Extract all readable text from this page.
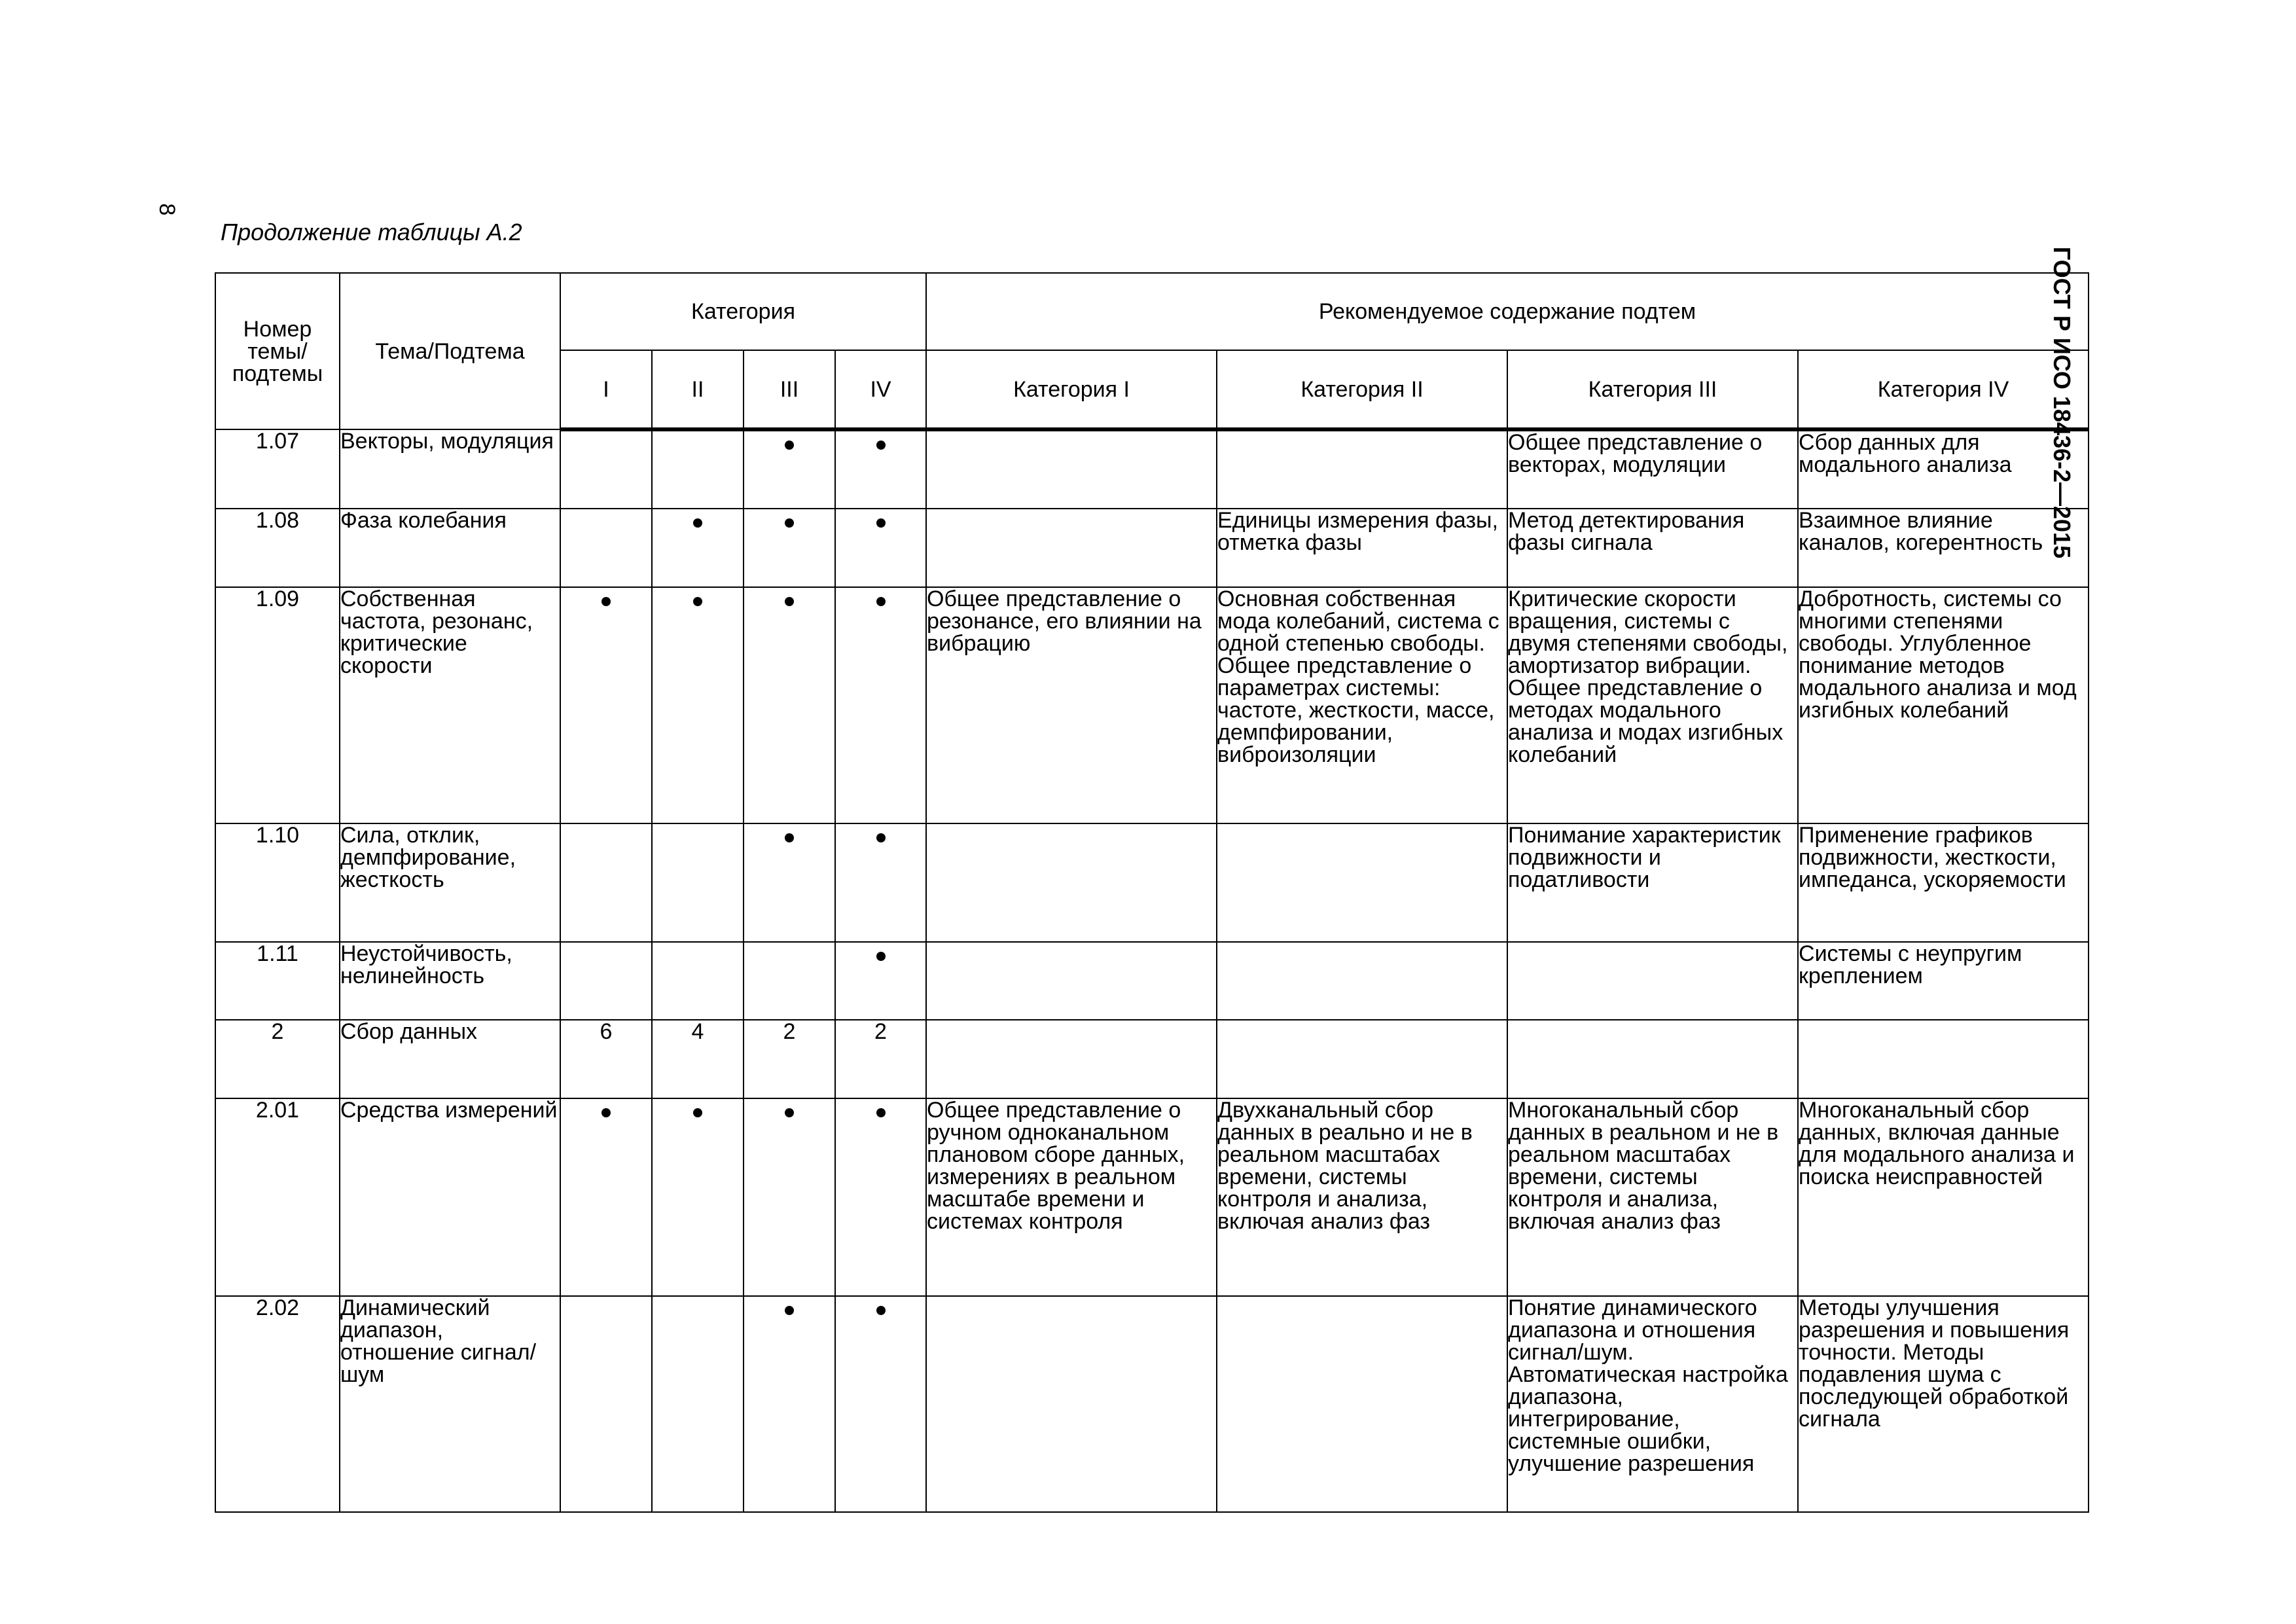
8
ГОСТ Р ИСО 18436-2—2015
Продолжение таблицы А.2
Номер темы/ подтемы	Тема/Подтема	Категория				Рекомендуемое содержание подтем			
		I	II	III	IV	Категория I	Категория II	Категория III	Категория IV
1.07	Векторы, модуляция							Общее представление о векторах, модуляции	Сбор данных для модального анализа
1.08	Фаза колебания						Единицы измерения фазы, отметка фазы	Метод детектирования фазы сигнала	Взаимное влияние каналов, когерентность
1.09	Собственная частота, резонанс, критические скорости					Общее представление о резонансе, его влиянии на вибрацию	Основная собственная мода колебаний, система с одной степенью свободы. Общее представление о параметрах системы: частоте, жесткости, массе, демпфировании, виброизоляции	Критические скорости вращения, системы с двумя степенями свободы, амортизатор вибрации. Общее представление о методах модального анализа и модах изгибных колебаний	Добротность, системы со многими степенями свободы. Углубленное понимание методов модального анализа и мод изгибных колебаний
1.10	Сила, отклик, демпфирование, жесткость							Понимание характеристик подвижности и податливости	Применение графиков подвижности, жесткости, импеданса, ускоряемости
1.11	Неустойчивость, нелинейность								Системы с неупругим креплением
2	Сбор данных	6	4	2	2				
2.01	Средства измерений					Общее представление о ручном одноканальном плановом сборе данных, измерениях в реальном масштабе времени и системах контроля	Двухканальный сбор данных в реально и не в реальном масштабах времени, системы контроля и анализа, включая анализ фаз	Многоканальный сбор данных в реальном и не в реальном масштабах времени, системы контроля и анализа, включая анализ фаз	Многоканальный сбор данных, включая данные для модального анализа и поиска неисправностей
2.02	Динамический диапазон, отношение сигнал/шум							Понятие динамического диапазона и отношения сигнал/шум. Автоматическая настройка диапазона, интегрирование, системные ошибки, улучшение разрешения	Методы улучшения разрешения и повышения точности. Методы подавления шума с последующей обработкой сигнала
